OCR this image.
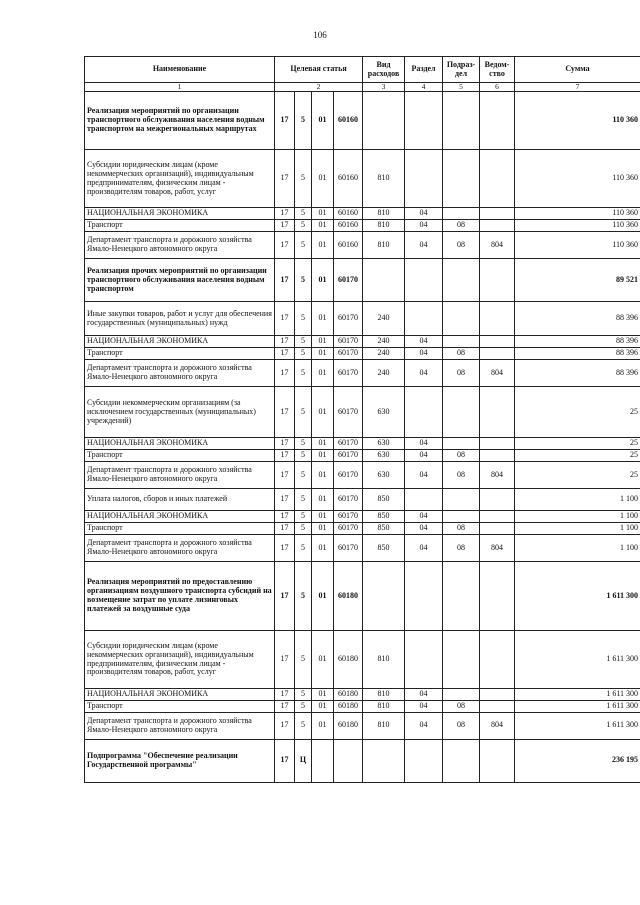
106
Наименование	Целевая статья				Вид расходов	Раздел	Подраз-дел	Ведом-ство	Сумма
1	2				3	4	5	6	7
Реализация мероприятий по организации транспортного обслуживания населения водным транспортом на межрегиональных маршрутах	17	5	01	60160					110 360
Субсидии юридическим лицам (кроме некоммерческих организаций), индивидуальным предпринимателям, физическим лицам - производителям товаров, работ, услуг	17	5	01	60160	810				110 360
НАЦИОНАЛЬНАЯ ЭКОНОМИКА	17	5	01	60160	810	04			110 360
Транспорт	17	5	01	60160	810	04	08		110 360
Департамент транспорта и дорожного хозяйства Ямало-Ненецкого автономного округа	17	5	01	60160	810	04	08	804	110 360
Реализация прочих мероприятий по организации транспортного обслуживания населения водным транспортом	17	5	01	60170					89 521
Иные закупки товаров, работ и услуг для обеспечения государственных (муниципальных) нужд	17	5	01	60170	240				88 396
НАЦИОНАЛЬНАЯ ЭКОНОМИКА	17	5	01	60170	240	04			88 396
Транспорт	17	5	01	60170	240	04	08		88 396
Департамент транспорта и дорожного хозяйства Ямало-Ненецкого автономного округа	17	5	01	60170	240	04	08	804	88 396
Субсидии некоммерческим организациям (за исключением государственных (муниципальных) учреждений)	17	5	01	60170	630				25
НАЦИОНАЛЬНАЯ ЭКОНОМИКА	17	5	01	60170	630	04			25
Транспорт	17	5	01	60170	630	04	08		25
Департамент транспорта и дорожного хозяйства Ямало-Ненецкого автономного округа	17	5	01	60170	630	04	08	804	25
Уплата налогов, сборов и иных платежей	17	5	01	60170	850				1 100
НАЦИОНАЛЬНАЯ ЭКОНОМИКА	17	5	01	60170	850	04			1 100
Транспорт	17	5	01	60170	850	04	08		1 100
Департамент транспорта и дорожного хозяйства Ямало-Ненецкого автономного округа	17	5	01	60170	850	04	08	804	1 100
Реализация мероприятий по предоставлению организациям воздушного транспорта субсидий на возмещение затрат по уплате лизинговых платежей за воздушные суда	17	5	01	60180					1 611 300
Субсидии юридическим лицам (кроме некоммерческих организаций), индивидуальным предпринимателям, физическим лицам - производителям товаров, работ, услуг	17	5	01	60180	810				1 611 300
НАЦИОНАЛЬНАЯ ЭКОНОМИКА	17	5	01	60180	810	04			1 611 300
Транспорт	17	5	01	60180	810	04	08		1 611 300
Департамент транспорта и дорожного хозяйства Ямало-Ненецкого автономного округа	17	5	01	60180	810	04	08	804	1 611 300
Подпрограмма "Обеспечение реализации Государственной программы"	17	Ц							236 195
